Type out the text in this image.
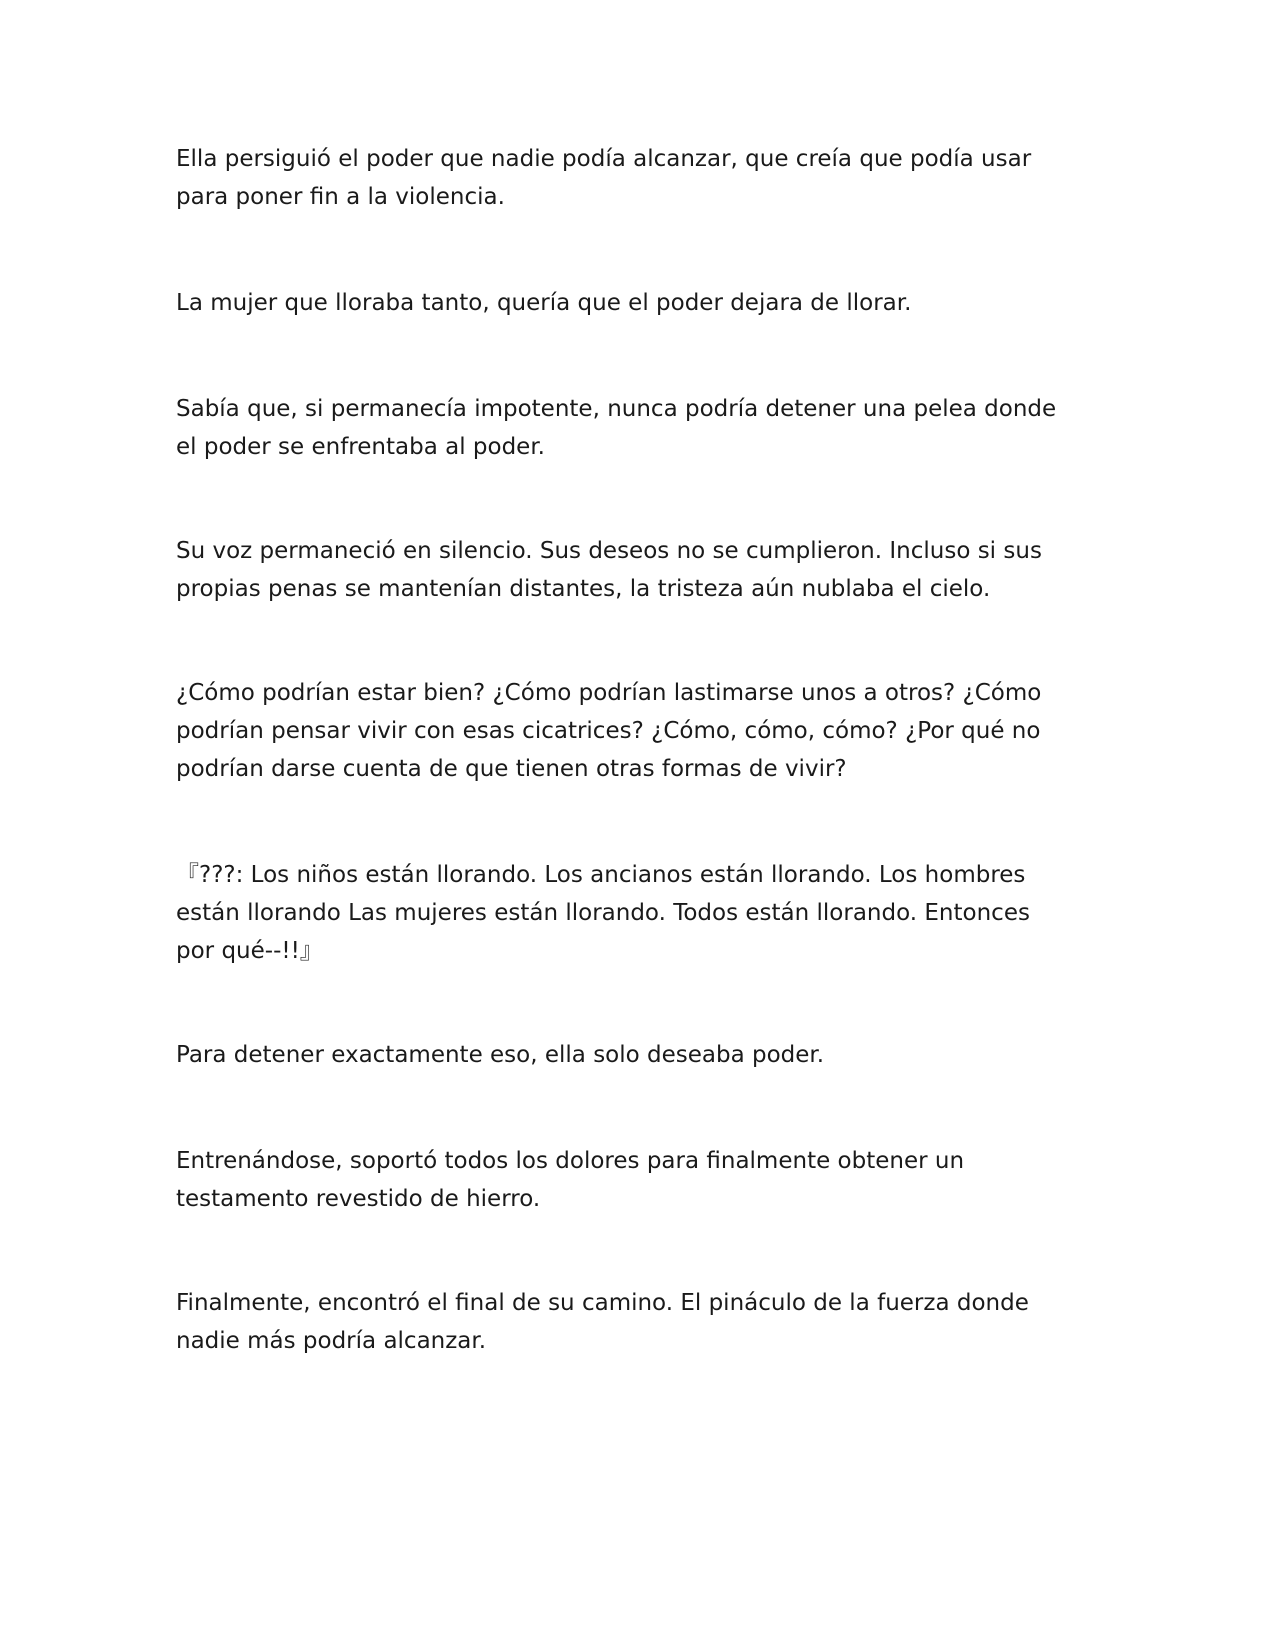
Ella persiguió el poder que nadie podía alcanzar, que creía que podía usar
para poner fin a la violencia.

La mujer que lloraba tanto, quería que el poder dejara de llorar.

Sabía que, si permanecía impotente, nunca podría detener una pelea donde
el poder se enfrentaba al poder.

Su voz permaneció en silencio. Sus deseos no se cumplieron. Incluso si sus
propias penas se mantenían distantes, la tristeza aún nublaba el cielo.

¿Cómo podrían estar bien? ¿Cómo podrían lastimarse unos a otros? ¿Cómo
podrían pensar vivir con esas cicatrices? ¿Cómo, cómo, cómo? ¿Por qué no
podrían darse cuenta de que tienen otras formas de vivir?

『???: Los niños están llorando. Los ancianos están llorando. Los hombres
están llorando Las mujeres están llorando. Todos están llorando. Entonces
por qué--!!』

Para detener exactamente eso, ella solo deseaba poder.

Entrenándose, soportó todos los dolores para finalmente obtener un
testamento revestido de hierro.

Finalmente, encontró el final de su camino. El pináculo de la fuerza donde
nadie más podría alcanzar.
